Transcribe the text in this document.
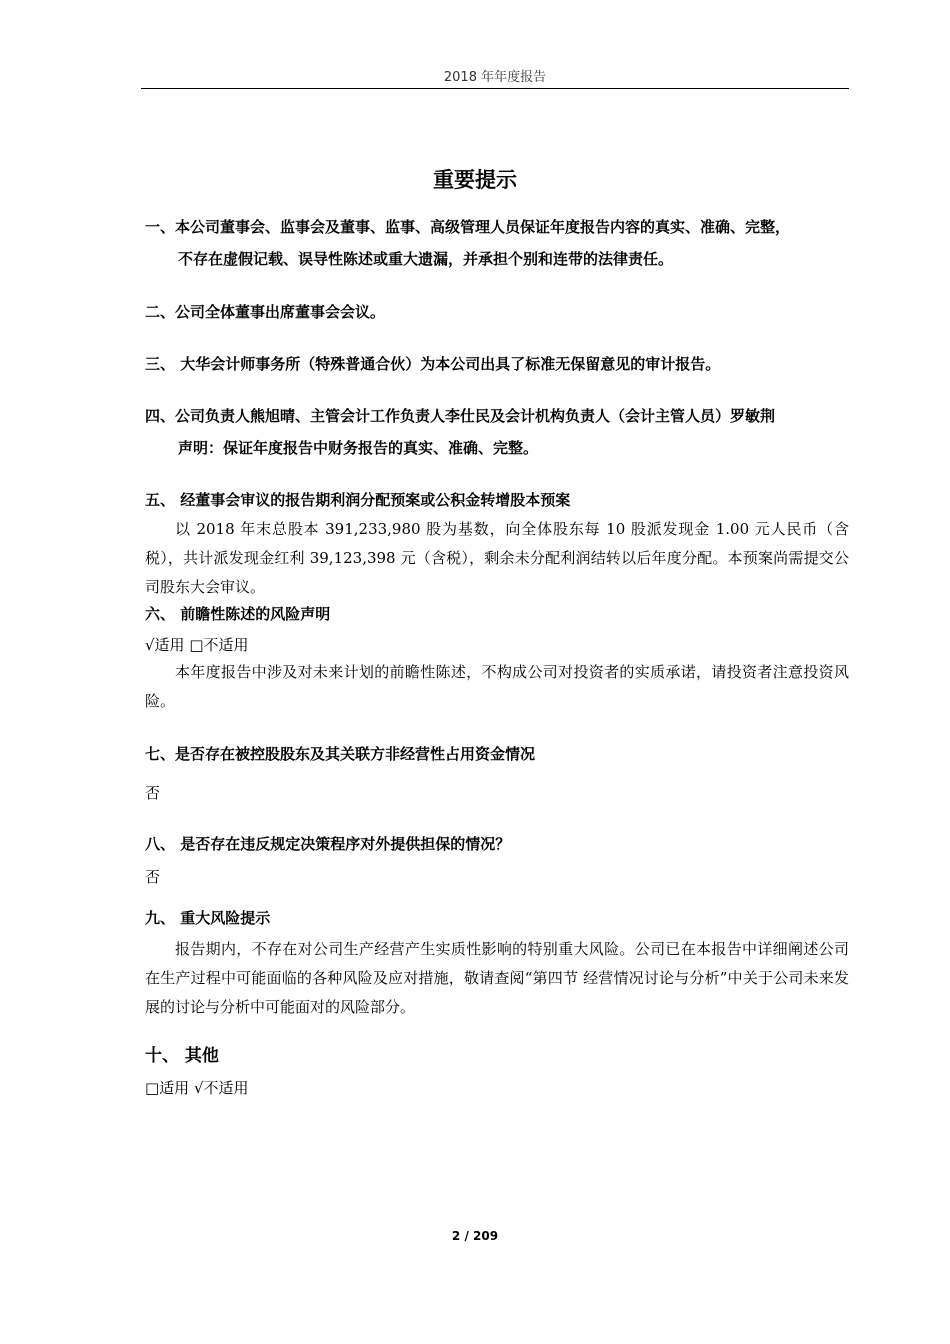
2018 年年度报告
重要提示
一、本公司董事会、监事会及董事、监事、高级管理人员保证年度报告内容的真实、准确、完整，
不存在虚假记载、误导性陈述或重大遗漏，并承担个别和连带的法律责任。
二、公司全体董事出席董事会会议。
三、 大华会计师事务所（特殊普通合伙）为本公司出具了标准无保留意见的审计报告。
四、公司负责人熊旭晴、主管会计工作负责人李仕民及会计机构负责人（会计主管人员）罗敏荆
声明：保证年度报告中财务报告的真实、准确、完整。
五、 经董事会审议的报告期利润分配预案或公积金转增股本预案
以 2018 年末总股本 391,233,980 股为基数，向全体股东每 10 股派发现金 1.00 元人民币（含税），共计派发现金红利 39,123,398 元（含税），剩余未分配利润结转以后年度分配。本预案尚需提交公司股东大会审议。
六、 前瞻性陈述的风险声明
√适用 □不适用
本年度报告中涉及对未来计划的前瞻性陈述，不构成公司对投资者的实质承诺，请投资者注意投资风险。
七、是否存在被控股股东及其关联方非经营性占用资金情况
否
八、 是否存在违反规定决策程序对外提供担保的情况？
否
九、 重大风险提示
报告期内，不存在对公司生产经营产生实质性影响的特别重大风险。公司已在本报告中详细阐述公司在生产过程中可能面临的各种风险及应对措施，敬请查阅“第四节 经营情况讨论与分析”中关于公司未来发展的讨论与分析中可能面对的风险部分。
十、 其他
□适用 √不适用
2 / 209
